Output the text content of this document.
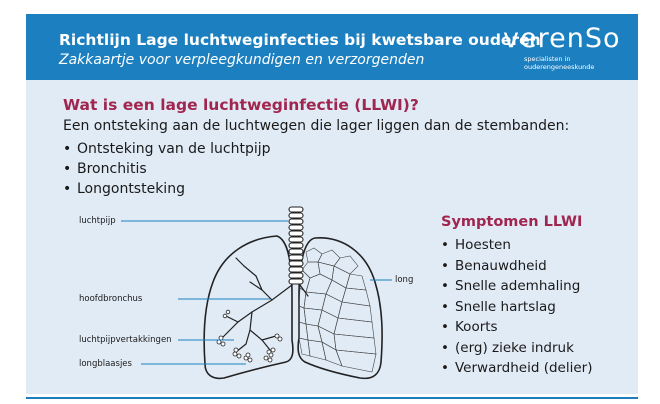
Richtlijn Lage luchtweginfecties bij kwetsbare ouderen
Zakkaartje voor verpleegkundigen en verzorgenden
verenSo
specialisten in
ouderengeneeskunde
Wat is een lage luchtweginfectie (LLWI)?
Een ontsteking aan de luchtwegen die lager liggen dan de stembanden:
• Ontsteking van de luchtpijp
• Bronchitis
• Longontsteking
luchtpijp
hoofdbronchus
luchtpijpvertakkingen
longblaasjes
long
Symptomen LLWI
• Hoesten
• Benauwdheid
• Snelle ademhaling
• Snelle hartslag
• Koorts
• (erg) zieke indruk
• Verwardheid (delier)
